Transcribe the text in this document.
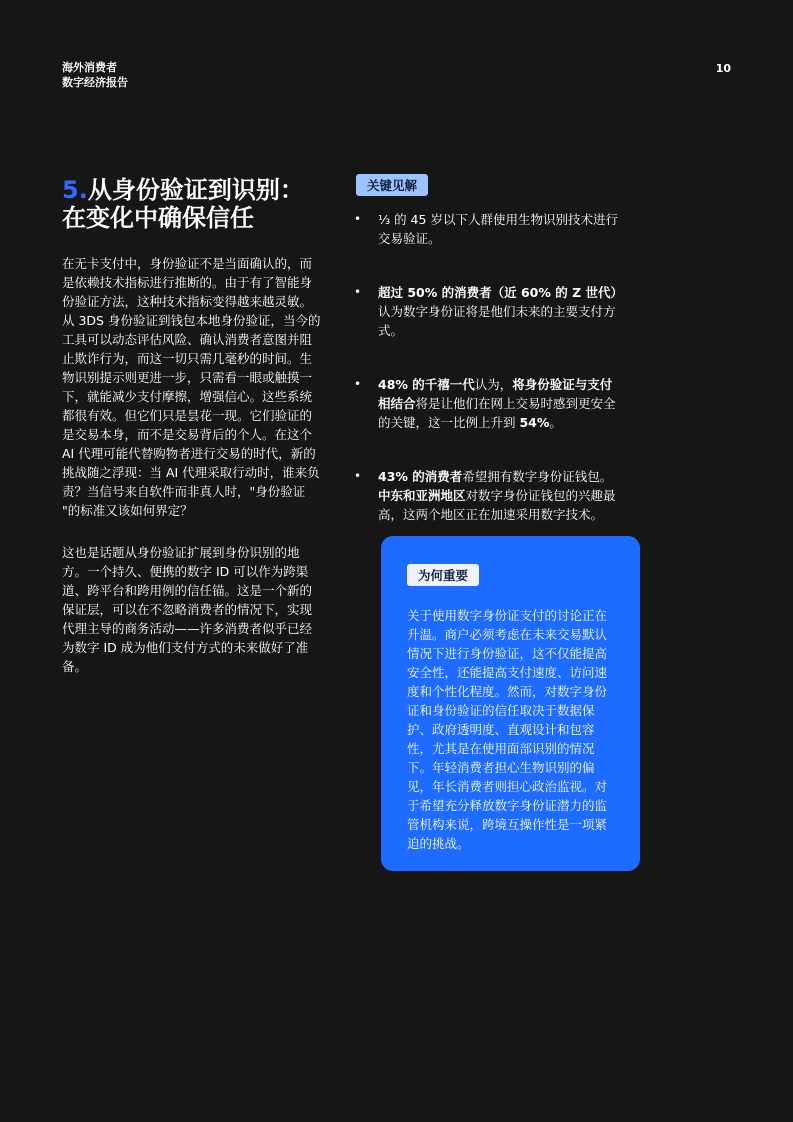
海外消费者
数字经济报告
10
5.从身份验证到识别：
在变化中确保信任

在无卡支付中，身份验证不是当面确认的，而是依赖技术指标进行推断的。由于有了智能身份验证方法，这种技术指标变得越来越灵敏。从 3DS 身份验证到钱包本地身份验证，当今的工具可以动态评估风险、确认消费者意图并阻止欺诈行为，而这一切只需几毫秒的时间。生物识别提示则更进一步，只需看一眼或触摸一下，就能减少支付摩擦，增强信心。这些系统都很有效。但它们只是昙花一现。它们验证的是交易本身，而不是交易背后的个人。在这个 AI 代理可能代替购物者进行交易的时代，新的挑战随之浮现：当 AI 代理采取行动时，谁来负责？当信号来自软件而非真人时，"身份验证 "的标准又该如何界定？

这也是话题从身份验证扩展到身份识别的地方。一个持久、便携的数字 ID 可以作为跨渠道、跨平台和跨用例的信任锚。这是一个新的保证层，可以在不忽略消费者的情况下，实现代理主导的商务活动——许多消费者似乎已经为数字 ID 成为他们支付方式的未来做好了准备。

关键见解
• ⅓ 的 45 岁以下人群使用生物识别技术进行交易验证。
• 超过 50% 的消费者（近 60% 的 Z 世代）认为数字身份证将是他们未来的主要支付方式。
• 48% 的千禧一代认为，将身份验证与支付相结合将是让他们在网上交易时感到更安全的关键，这一比例上升到 54%。
• 43% 的消费者希望拥有数字身份证钱包。中东和亚洲地区对数字身份证钱包的兴趣最高，这两个地区正在加速采用数字技术。
为何重要

关于使用数字身份证支付的讨论正在升温。商户必须考虑在未来交易默认情况下进行身份验证，这不仅能提高安全性，还能提高支付速度、访问速度和个性化程度。然而，对数字身份证和身份验证的信任取决于数据保护、政府透明度、直观设计和包容性，尤其是在使用面部识别的情况下。年轻消费者担心生物识别的偏见，年长消费者则担心政治监视。对于希望充分释放数字身份证潜力的监管机构来说，跨境互操作性是一项紧迫的挑战。
